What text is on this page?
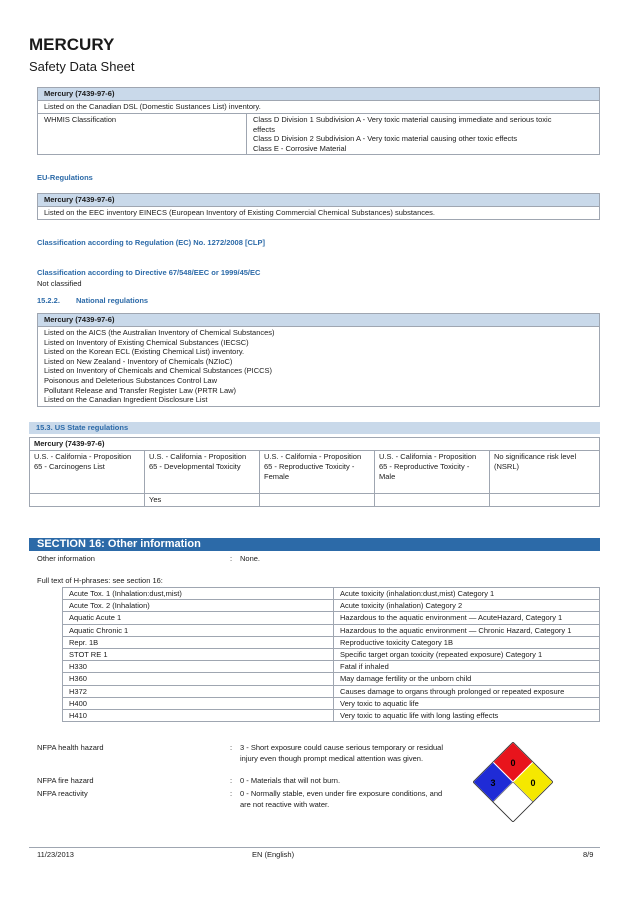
MERCURY
Safety Data Sheet
Mercury (7439-97-6)
Listed on the Canadian DSL (Domestic Sustances List) inventory.
WHMIS Classification	Class D Division 1 Subdivision A - Very toxic material causing immediate and serious toxic
effects
Class D Division 2 Subdivision A - Very toxic material causing other toxic effects
Class E - Corrosive Material
EU-Regulations
Mercury (7439-97-6)
Listed on the EEC inventory EINECS (European Inventory of Existing Commercial Chemical Substances) substances.
Classification according to Regulation (EC) No. 1272/2008 [CLP]
Classification according to Directive 67/548/EEC or 1999/45/EC
Not classified
15.2.2. National regulations
Mercury (7439-97-6)
Listed on the AICS (the Australian Inventory of Chemical Substances)
Listed on Inventory of Existing Chemical Substances (IECSC)
Listed on the Korean ECL (Existing Chemical List) inventory.
Listed on New Zealand - Inventory of Chemicals (NZIoC)
Listed on Inventory of Chemicals and Chemical Substances (PICCS)
Poisonous and Deleterious Substances Control Law
Pollutant Release and Transfer Register Law (PRTR Law)
Listed on the Canadian Ingredient Disclosure List
15.3. US State regulations
Mercury (7439-97-6)				
U.S. - California - Proposition 65 - Carcinogens List	U.S. - California - Proposition 65 - Developmental Toxicity	U.S. - California - Proposition 65 - Reproductive Toxicity - Female	U.S. - California - Proposition 65 - Reproductive Toxicity - Male	No significance risk level (NSRL)
	Yes			
SECTION 16: Other information
Other information	: None.
Full text of H-phrases: see section 16:
Acute Tox. 1 (Inhalation:dust,mist)	Acute toxicity (inhalation:dust,mist) Category 1
Acute Tox. 2 (Inhalation)	Acute toxicity (inhalation) Category 2
Aquatic Acute 1	Hazardous to the aquatic environment — AcuteHazard, Category 1
Aquatic Chronic 1	Hazardous to the aquatic environment — Chronic Hazard, Category 1
Repr. 1B	Reproductive toxicity Category 1B
STOT RE 1	Specific target organ toxicity (repeated exposure) Category 1
H330	Fatal if inhaled
H360	May damage fertility or the unborn child
H372	Causes damage to organs through prolonged or repeated exposure
H400	Very toxic to aquatic life
H410	Very toxic to aquatic life with long lasting effects
NFPA health hazard	: 3 - Short exposure could cause serious temporary or residual injury even though prompt medical attention was given.
NFPA fire hazard	: 0 - Materials that will not burn.
NFPA reactivity	: 0 - Normally stable, even under fire exposure conditions, and are not reactive with water.
0
3	0
11/23/2013	EN (English)	8/9
